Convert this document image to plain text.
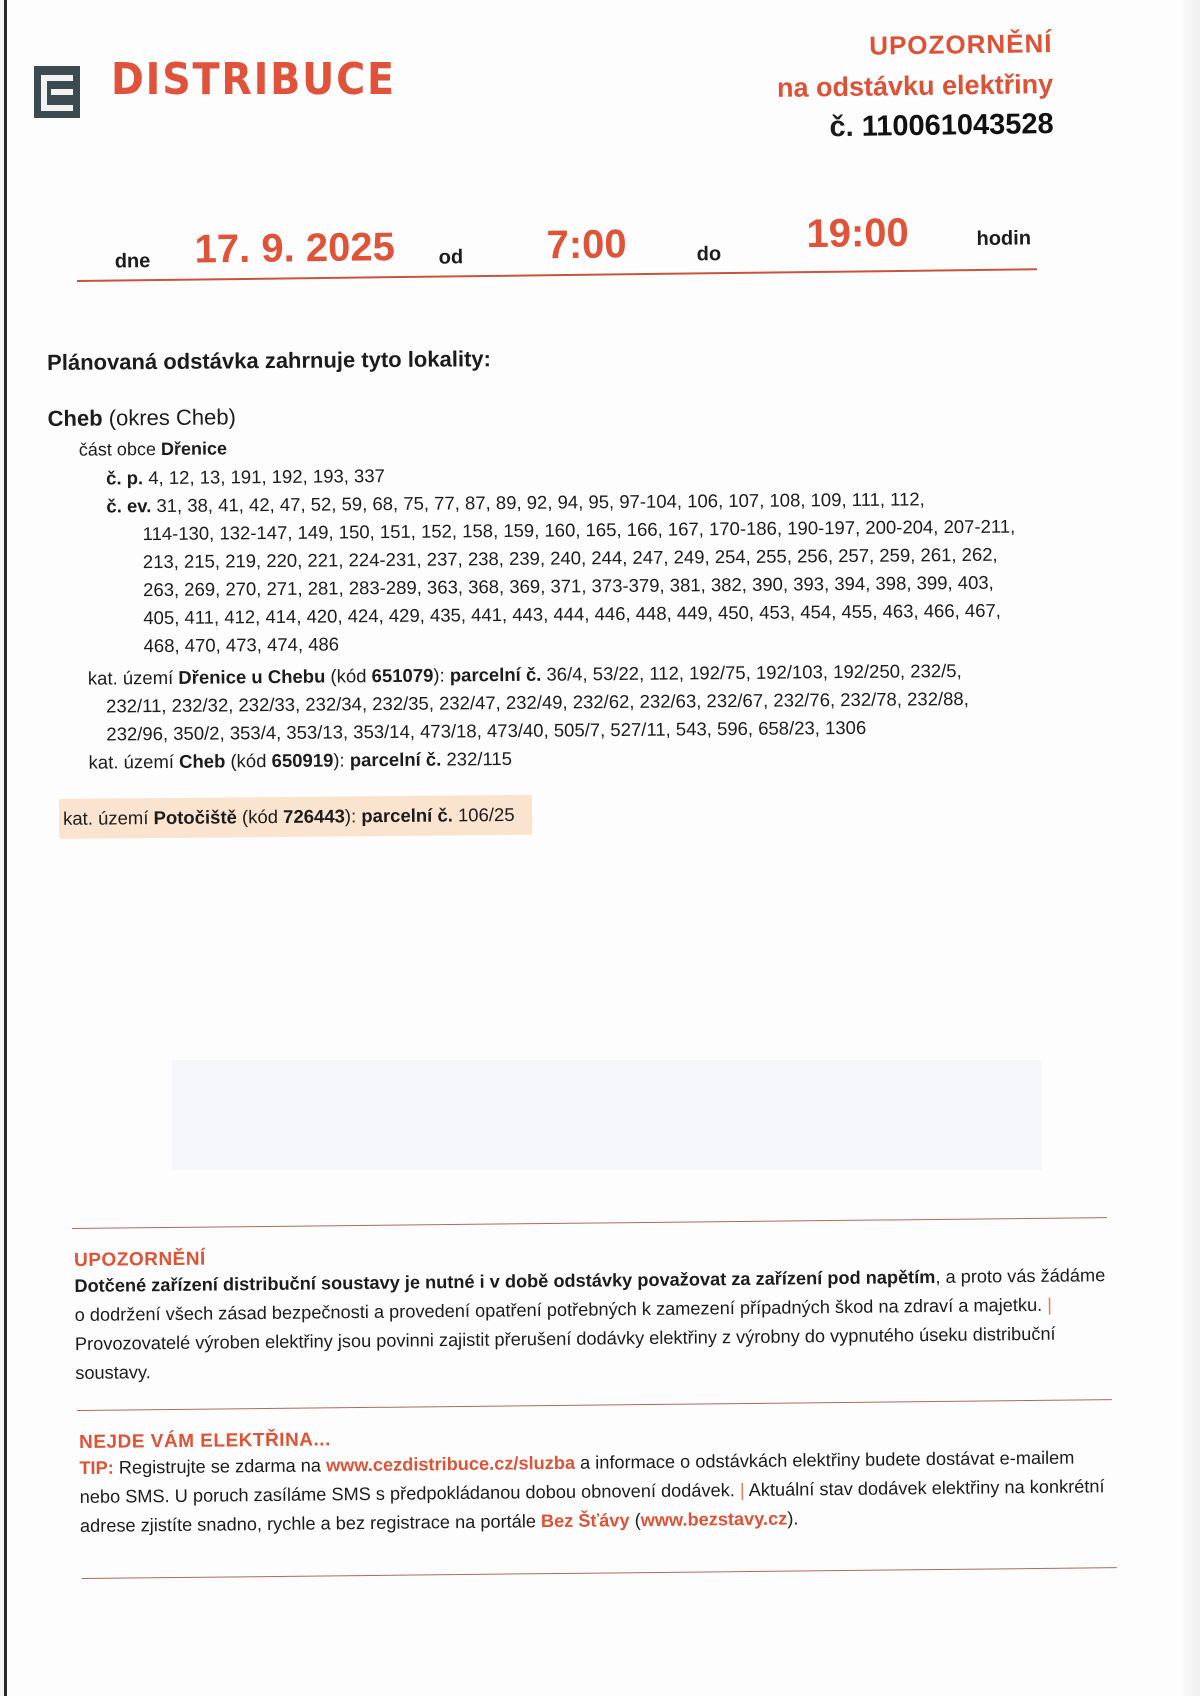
DISTRIBUCE
UPOZORNĚNÍ
na odstávku elektřiny
č. 110061043528
dne 17. 9. 2025 od 7:00	do 19:00	hodin
Plánovaná odstávka zahrnuje tyto lokality:
Cheb (okres Cheb)
část obce Dřenice
č. p. 4, 12, 13, 191, 192, 193, 337
č. ev. 31, 38, 41, 42, 47, 52, 59, 68, 75, 77, 87, 89, 92, 94, 95, 97-104, 106, 107, 108, 109, 111, 112,
114-130, 132-147, 149, 150, 151, 152, 158, 159, 160, 165, 166, 167, 170-186, 190-197, 200-204, 207-211,
213, 215, 219, 220, 221, 224-231, 237, 238, 239, 240, 244, 247, 249, 254, 255, 256, 257, 259, 261, 262,
263, 269, 270, 271, 281, 283-289, 363, 368, 369, 371, 373-379, 381, 382, 390, 393, 394, 398, 399, 403,
405, 411, 412, 414, 420, 424, 429, 435, 441, 443, 444, 446, 448, 449, 450, 453, 454, 455, 463, 466, 467,
468, 470, 473, 474, 486
kat. území Dřenice u Chebu (kód 651079): parcelní č. 36/4, 53/22, 112, 192/75, 192/103, 192/250, 232/5,
232/11, 232/32, 232/33, 232/34, 232/35, 232/47, 232/49, 232/62, 232/63, 232/67, 232/76, 232/78, 232/88,
232/96, 350/2, 353/4, 353/13, 353/14, 473/18, 473/40, 505/7, 527/11, 543, 596, 658/23, 1306
kat. území Cheb (kód 650919): parcelní č. 232/115
kat. území Potočiště (kód 726443): parcelní č. 106/25
UPOZORNĚNÍ
Dotčené zařízení distribuční soustavy je nutné i v době odstávky považovat za zařízení pod napětím, a proto vás žádáme o dodržení všech zásad bezpečnosti a provedení opatření potřebných k zamezení případných škod na zdraví a majetku. | Provozovatelé výroben elektřiny jsou povinni zajistit přerušení dodávky elektřiny z výrobny do vypnutého úseku distribuční soustavy.
NEJDE VÁM ELEKTŘINA...
TIP: Registrujte se zdarma na www.cezdistribuce.cz/sluzba a informace o odstávkách elektřiny budete dostávat e-mailem nebo SMS. U poruch zasíláme SMS s předpokládanou dobou obnovení dodávek. | Aktuální stav dodávek elektřiny na konkrétní adrese zjistíte snadno, rychle a bez registrace na portále Bez Šťávy (www.bezstavy.cz).
